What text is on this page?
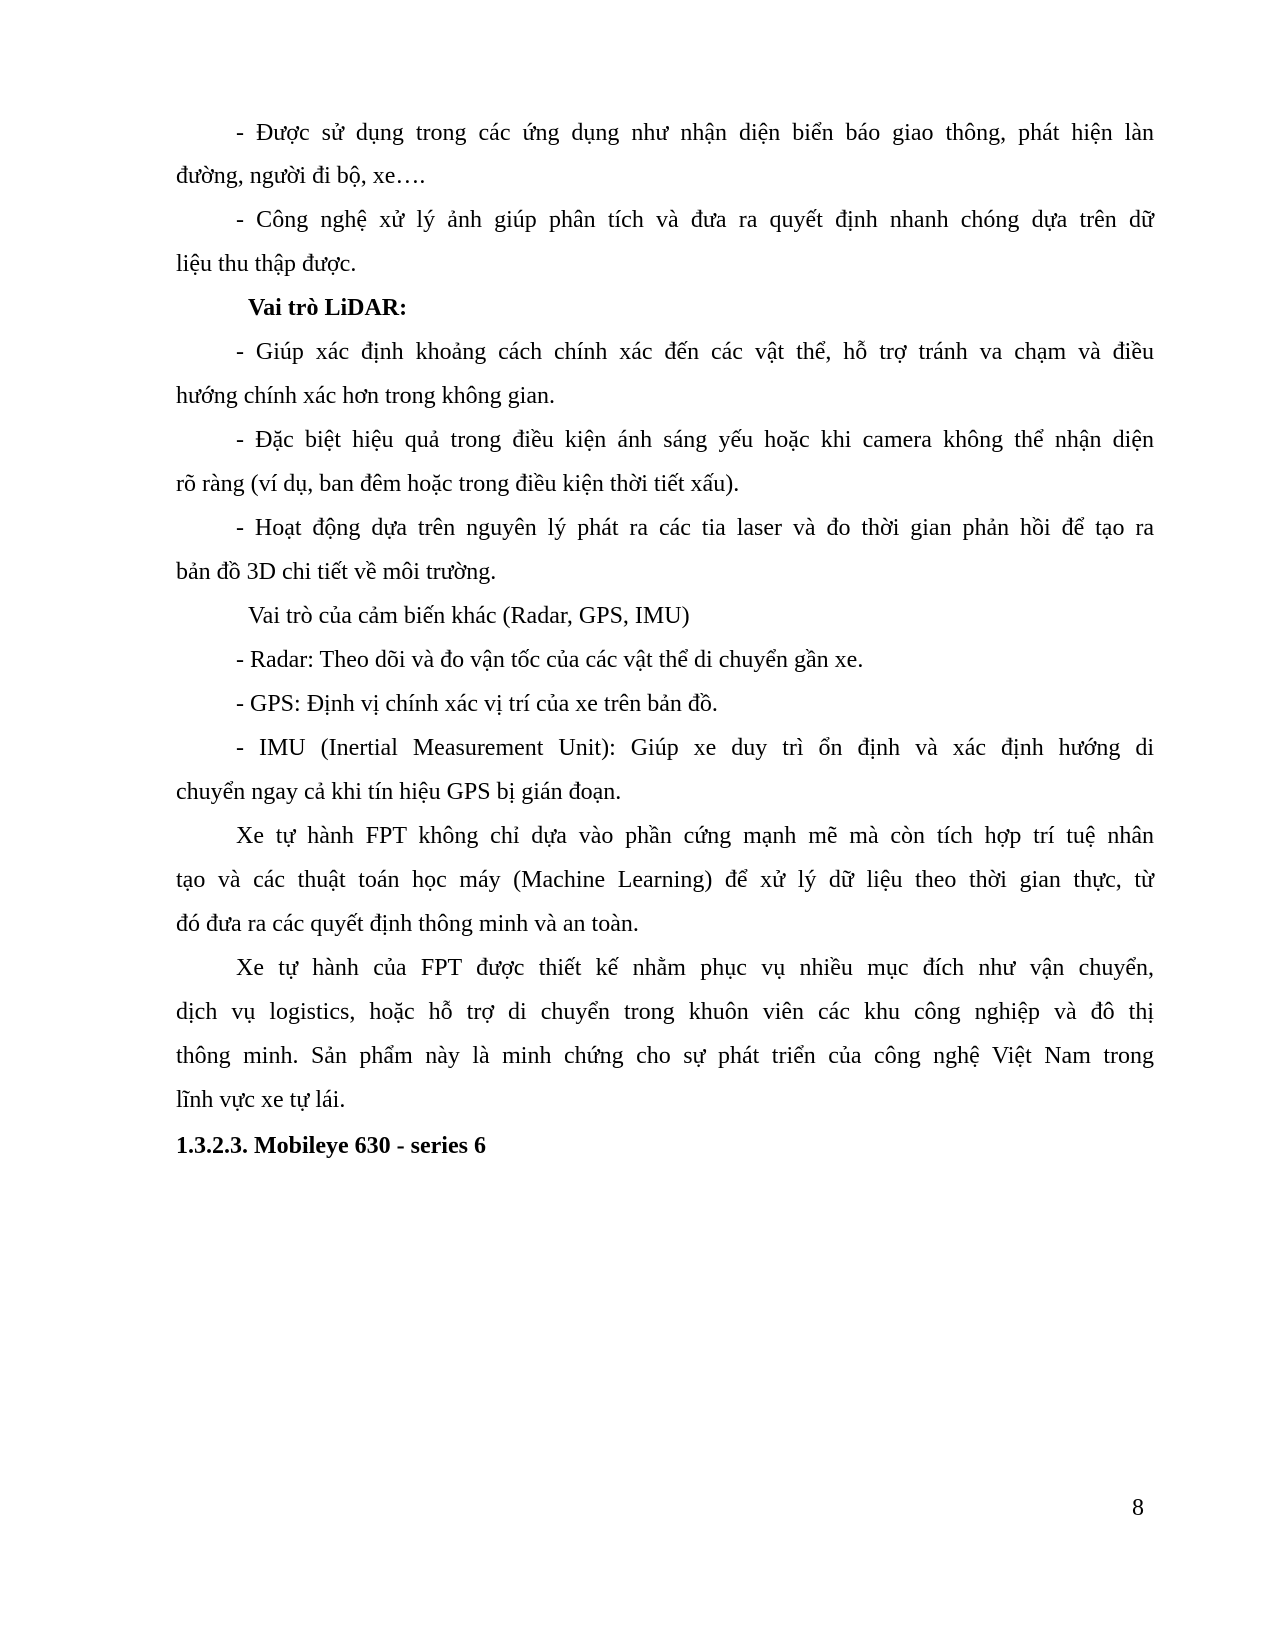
- Được sử dụng trong các ứng dụng như nhận diện biển báo giao thông, phát hiện làn
đường, người đi bộ, xe….
- Công nghệ xử lý ảnh giúp phân tích và đưa ra quyết định nhanh chóng dựa trên dữ
liệu thu thập được.
Vai trò LiDAR:
- Giúp xác định khoảng cách chính xác đến các vật thể, hỗ trợ tránh va chạm và điều
hướng chính xác hơn trong không gian.
- Đặc biệt hiệu quả trong điều kiện ánh sáng yếu hoặc khi camera không thể nhận diện
rõ ràng (ví dụ, ban đêm hoặc trong điều kiện thời tiết xấu).
- Hoạt động dựa trên nguyên lý phát ra các tia laser và đo thời gian phản hồi để tạo ra
bản đồ 3D chi tiết về môi trường.
Vai trò của cảm biến khác (Radar, GPS, IMU)
- Radar: Theo dõi và đo vận tốc của các vật thể di chuyển gần xe.
- GPS: Định vị chính xác vị trí của xe trên bản đồ.
- IMU (Inertial Measurement Unit): Giúp xe duy trì ổn định và xác định hướng di
chuyển ngay cả khi tín hiệu GPS bị gián đoạn.
Xe tự hành FPT không chỉ dựa vào phần cứng mạnh mẽ mà còn tích hợp trí tuệ nhân
tạo và các thuật toán học máy (Machine Learning) để xử lý dữ liệu theo thời gian thực, từ
đó đưa ra các quyết định thông minh và an toàn.
Xe tự hành của FPT được thiết kế nhằm phục vụ nhiều mục đích như vận chuyển,
dịch vụ logistics, hoặc hỗ trợ di chuyển trong khuôn viên các khu công nghiệp và đô thị
thông minh. Sản phẩm này là minh chứng cho sự phát triển của công nghệ Việt Nam trong
lĩnh vực xe tự lái.
1.3.2.3. Mobileye 630 - series 6
8
